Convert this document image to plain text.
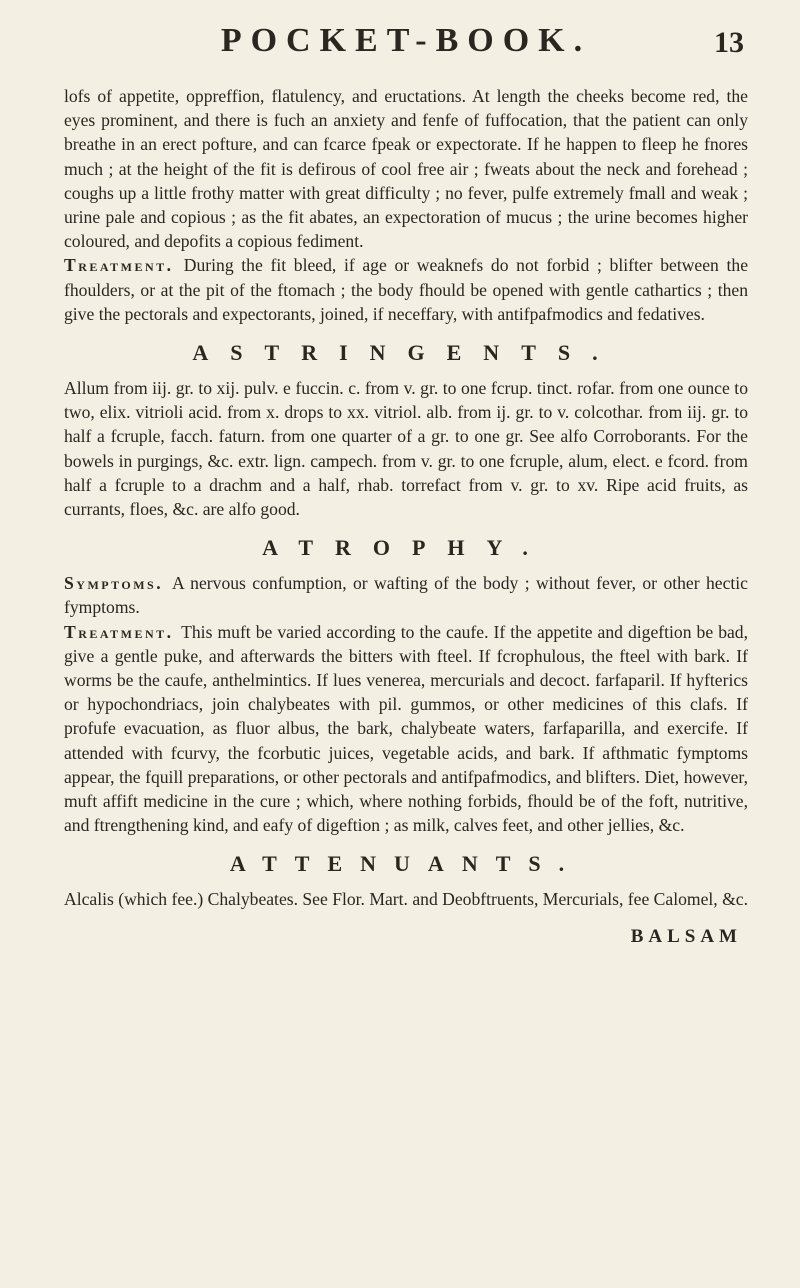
POCKET-BOOK.	13

lofs of appetite, oppreffion, flatulency, and eructations. At length the cheeks become red, the eyes prominent, and there is fuch an anxiety and fenfe of fuffocation, that the patient can only breathe in an erect pofture, and can fcarce fpeak or expectorate. If he happen to fleep he fnores much ; at the height of the fit is defirous of cool free air ; fweats about the neck and forehead ; coughs up a little frothy matter with great difficulty ; no fever, pulfe extremely fmall and weak ; urine pale and copious ; as the fit abates, an expectoration of mucus ; the urine becomes higher coloured, and depofits a copious fediment.

Treatment. During the fit bleed, if age or weaknefs do not forbid ; blifter between the fhoulders, or at the pit of the ftomach ; the body fhould be opened with gentle cathartics ; then give the pectorals and expectorants, joined, if neceffary, with antifpafmodics and fedatives.

ASTRINGENTS.

Allum from iij. gr. to xij. pulv. e fuccin. c. from v. gr. to one fcrup. tinct. rofar. from one ounce to two, elix. vitrioli acid. from x. drops to xx. vitriol. alb. from ij. gr. to v. colcothar. from iij. gr. to half a fcruple, facch. faturn. from one quarter of a gr. to one gr. See alfo Corroborants. For the bowels in purgings, &c. extr. lign. campech. from v. gr. to one fcruple, alum, elect. e fcord. from half a fcruple to a drachm and a half, rhab. torrefact from v. gr. to xv. Ripe acid fruits, as currants, floes, &c. are alfo good.

ATROPHY.

Symptoms. A nervous confumption, or wafting of the body ; without fever, or other hectic fymptoms.

Treatment. This muft be varied according to the caufe. If the appetite and digeftion be bad, give a gentle puke, and afterwards the bitters with fteel. If fcrophulous, the fteel with bark. If worms be the caufe, anthelmintics. If lues venerea, mercurials and decoct. farfaparil. If hyfterics or hypochondriacs, join chalybeates with pil. gummos, or other medicines of this clafs. If profufe evacuation, as fluor albus, the bark, chalybeate waters, farfaparilla, and exercife. If attended with fcurvy, the fcorbutic juices, vegetable acids, and bark. If afthmatic fymptoms appear, the fquill preparations, or other pectorals and antifpafmodics, and blifters. Diet, however, muft affift medicine in the cure ; which, where nothing forbids, fhould be of the foft, nutritive, and ftrengthening kind, and eafy of digeftion ; as milk, calves feet, and other jellies, &c.

ATTENUANTS.

Alcalis (which fee.) Chalybeates. See Flor. Mart. and Deobftruents, Mercurials, fee Calomel, &c.

BALSAM
